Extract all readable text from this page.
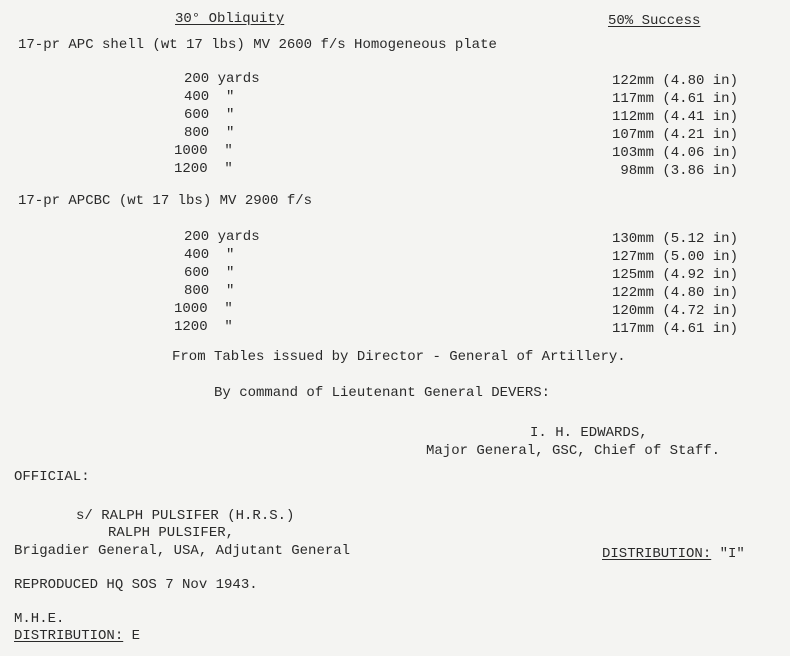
30° Obliquity	50% Success
17-pr APC shell (wt 17 lbs) MV 2600 f/s Homogeneous plate
200 yards
400  "
600  "
800  "
1000  "
1200  "
122mm (4.80 in)
117mm (4.61 in)
112mm (4.41 in)
107mm (4.21 in)
103mm (4.06 in)
98mm (3.86 in)
17-pr APCBC (wt 17 lbs) MV 2900 f/s
200 yards
400  "
600  "
800  "
1000  "
1200  "
130mm (5.12 in)
127mm (5.00 in)
125mm (4.92 in)
122mm (4.80 in)
120mm (4.72 in)
117mm (4.61 in)
From Tables issued by Director - General of Artillery.
By command of Lieutenant General DEVERS:
I. H. EDWARDS,
Major General, GSC, Chief of Staff.
OFFICIAL:
s/ RALPH PULSIFER (H.R.S.)
RALPH PULSIFER,
Brigadier General, USA, Adjutant General	DISTRIBUTION: "I"
REPRODUCED HQ SOS 7 Nov 1943.
M.H.E.
DISTRIBUTION: E
